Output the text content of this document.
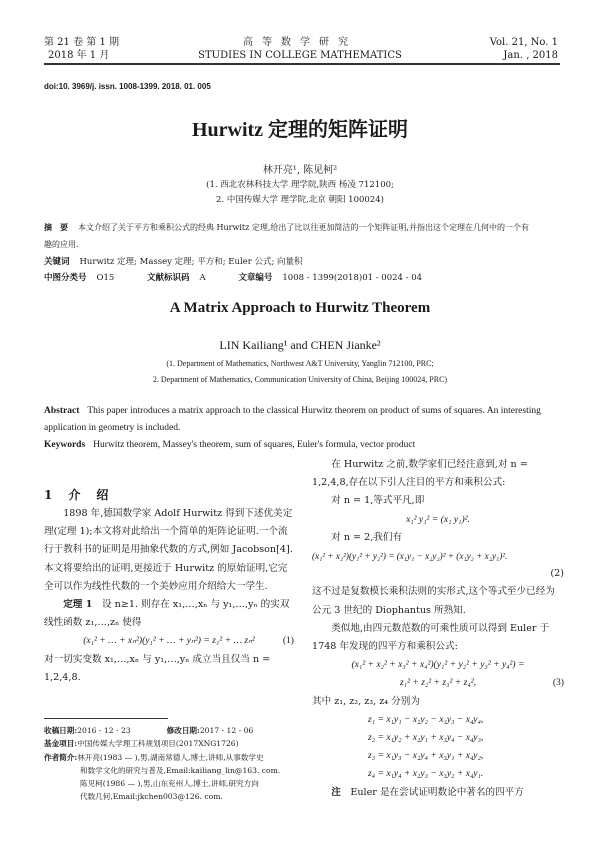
第 21 卷 第 1 期
2018 年 1 月
高等数学研究
STUDIES IN COLLEGE MATHEMATICS
Vol. 21, No. 1
Jan. , 2018
doi:10. 3969/j. issn. 1008-1399. 2018. 01. 005
Hurwitz 定理的矩阵证明
林开亮¹, 陈见柯²
(1. 西北农林科技大学 理学院,陕西 杨凌 712100;
2. 中国传媒大学 理学院,北京 朝阳 100024)
摘　要 本文介绍了关于平方和乘积公式的经典 Hurwitz 定理,给出了比以往更加简洁的一个矩阵证明,并指出这个定理在几何中的一个有趣的应用.
关键词 Hurwitz 定理; Massey 定理; 平方和; Euler 公式; 向量积
中图分类号 O15	文献标识码 A	文章编号 1008 - 1399(2018)01 - 0024 - 04
A Matrix Approach to Hurwitz Theorem
LIN Kailiang¹ and CHEN Jianke²
(1. Department of Mathematics, Northwest A&T University, Yanglin 712100, PRC;
2. Department of Mathematics, Communication University of China, Beijing 100024, PRC)
Abstract This paper introduces a matrix approach to the classical Hurwitz theorem on product of sums of squares. An interesting application in geometry is included.
Keywords Hurwitz theorem, Massey's theorem, sum of squares, Euler's formula, vector product
1 介　绍

1898 年,德国数学家 Adolf Hurwitz 得到下述优美定理(定理 1);本文将对此给出一个简单的矩阵论证明.一个流行于教科书的证明是用抽象代数的方式,例如 Jacobson[4].本文将要给出的证明,更接近于 Hurwitz 的原始证明,它完全可以作为线性代数的一个美妙应用介绍给大一学生.

定理 1　 设 n≥1. 则存在 x₁,…,xₙ 与 y₁,…,yₙ 的实双线性函数 z₁,…,zₙ 使得

(x₁² + … + xₙ²)(y₁² + … + yₙ²) = z₁² + … zₙ²	(1)

对一切实变数 x₁,…,xₙ 与 y₁,…,yₙ 成立当且仅当 n = 1,2,4,8.

收稿日期:2016 - 12 - 23	修改日期:2017 - 12 - 06
基金项目:中国传媒大学理工科规划项目(2017XNG1726)
作者简介:林开亮(1983 — ),男,湖南常德人,博士,讲师,从事数学史
和数学文化的研究与普及,Email:kailiang_lin@163. com.
陈见柯(1986 — ),男,山东兖州人,博士,讲师,研究方向
代数几何,Email:jkchen003@126. com.

在 Hurwitz 之前,数学家们已经注意到,对 n = 1,2,4,8,存在以下引人注目的平方和乘积公式:

对 n = 1,等式平凡,即

x₁² y₁² = (x₁ y₁)².

对 n = 2,我们有

(x₁² + x₂²)(y₁² + y₂²) = (x₁y₁ − x₂y₂)² + (x₁y₂ + x₂y₁)².
(2)

这不过是复数模长乘积法则的实形式,这个等式至少已经为公元 3 世纪的 Diophantus 所熟知.

类似地,由四元数范数的可乘性质可以得到 Euler 于 1748 年发现的四平方和乘积公式:

(x₁² + x₂² + x₃² + x₄²)(y₁² + y₂² + y₃² + y₄²) =
z₁² + z₂² + z₃² + z₄²,	(3)

其中 z₁, z₂, z₃, z₄ 分别为

z₁ = x₁y₁ − x₂y₂ − x₃y₃ − x₄y₄,
z₂ = x₁y₂ + x₂y₁ + x₃y₄ − x₄y₃,
z₃ = x₁y₃ − x₂y₄ + x₃y₁ + x₄y₂,
z₄ = x₁y₄ + x₂y₃ − x₃y₂ + x₄y₁.

注　 Euler 是在尝试证明数论中著名的四平方
